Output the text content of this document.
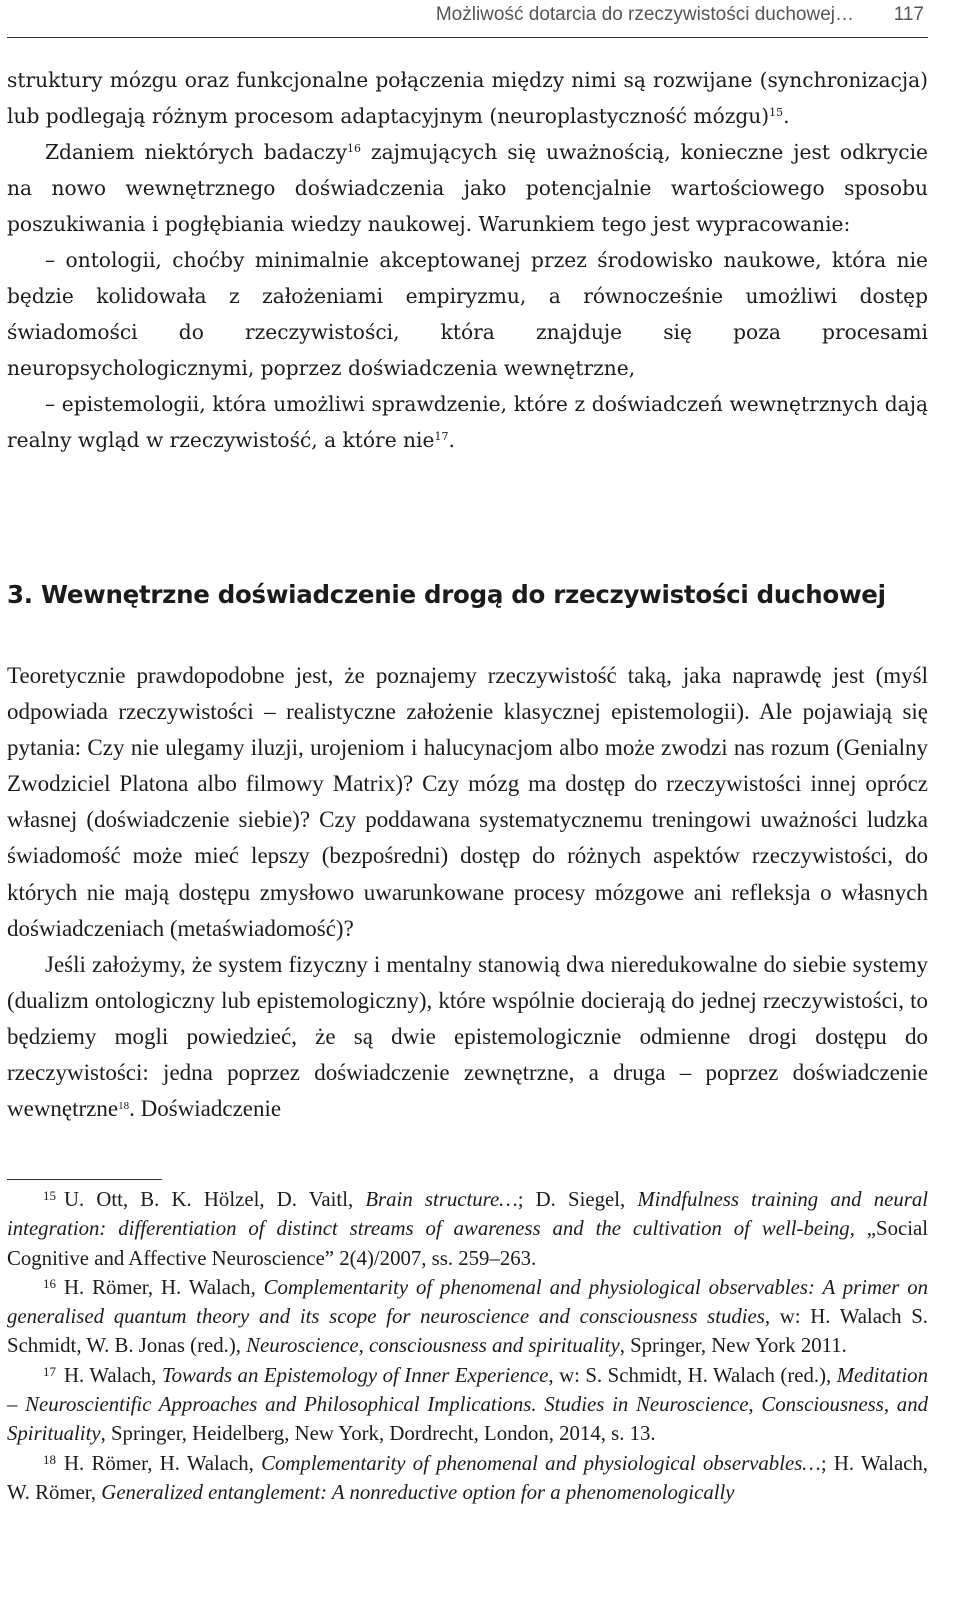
Możliwość dotarcia do rzeczywistości duchowej… 117

struktury mózgu oraz funkcjonalne połączenia między nimi są rozwijane (synchronizacja) lub podlegają różnym procesom adaptacyjnym (neuroplastyczność mózgu)$^{15}$.

Zdaniem niektórych badaczy$^{16}$ zajmujących się uważnością, konieczne jest odkrycie na nowo wewnętrznego doświadczenia jako potencjalnie wartościowego sposobu poszukiwania i pogłębiania wiedzy naukowej. Warunkiem tego jest wypracowanie:

– ontologii, choćby minimalnie akceptowanej przez środowisko naukowe, która nie będzie kolidowała z założeniami empiryzmu, a równocześnie umożliwi dostęp świadomości do rzeczywistości, która znajduje się poza procesami neuropsychologicznymi, poprzez doświadczenia wewnętrzne,

– epistemologii, która umożliwi sprawdzenie, które z doświadczeń wewnętrznych dają realny wgląd w rzeczywistość, a które nie$^{17}$.

3. Wewnętrzne doświadczenie drogą do rzeczywistości duchowej

Teoretycznie prawdopodobne jest, że poznajemy rzeczywistość taką, jaka naprawdę jest (myśl odpowiada rzeczywistości – realistyczne założenie klasycznej epistemologii). Ale pojawiają się pytania: Czy nie ulegamy iluzji, urojeniom i halucynacjom albo może zwodzi nas rozum (Genialny Zwodziciel Platona albo filmowy Matrix)? Czy mózg ma dostęp do rzeczywistości innej oprócz własnej (doświadczenie siebie)? Czy poddawana systematycznemu treningowi uważności ludzka świadomość może mieć lepszy (bezpośredni) dostęp do różnych aspektów rzeczywistości, do których nie mają dostępu zmysłowo uwarunkowane procesy mózgowe ani refleksja o własnych doświadczeniach (metaświadomość)?

Jeśli założymy, że system fizyczny i mentalny stanowią dwa nieredukowalne do siebie systemy (dualizm ontologiczny lub epistemologiczny), które wspólnie docierają do jednej rzeczywistości, to będziemy mogli powiedzieć, że są dwie epistemologicznie odmienne drogi dostępu do rzeczywistości: jedna poprzez doświadczenie zewnętrzne, a druga – poprzez doświadczenie wewnętrzne$^{18}$. Doświadczenie

$^{15}$ U. Ott, B. K. Hölzel, D. Vaitl, Brain structure…; D. Siegel, Mindfulness training and neural integration: differentiation of distinct streams of awareness and the cultivation of well-being, „Social Cognitive and Affective Neuroscience” 2(4)/2007, ss. 259–263.

$^{16}$ H. Römer, H. Walach, Complementarity of phenomenal and physiological observables: A primer on generalised quantum theory and its scope for neuroscience and consciousness studies, w: H. Walach S. Schmidt, W. B. Jonas (red.), Neuroscience, consciousness and spirituality, Springer, New York 2011.

$^{17}$ H. Walach, Towards an Epistemology of Inner Experience, w: S. Schmidt, H. Walach (red.), Meditation – Neuroscientific Approaches and Philosophical Implications. Studies in Neuroscience, Consciousness, and Spirituality, Springer, Heidelberg, New York, Dordrecht, London, 2014, s. 13.

$^{18}$ H. Römer, H. Walach, Complementarity of phenomenal and physiological observables…; H. Walach, W. Römer, Generalized entanglement: A nonreductive option for a phenomenologically
